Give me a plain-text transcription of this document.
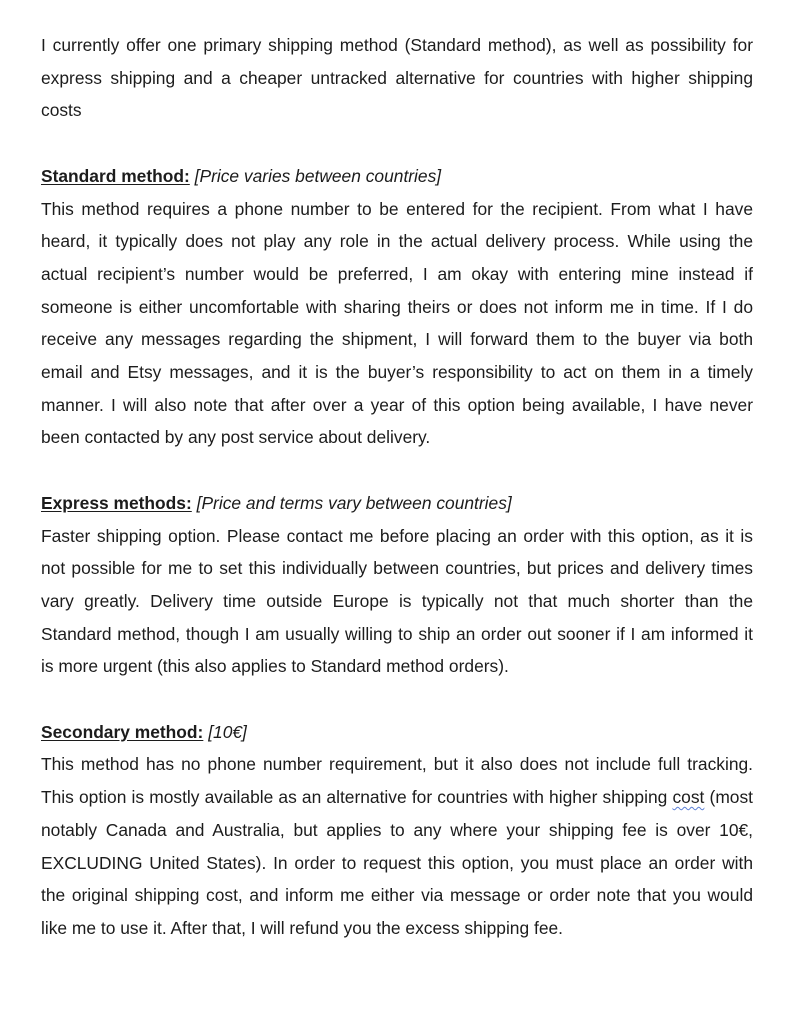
I currently offer one primary shipping method (Standard method), as well as possibility for express shipping and a cheaper untracked alternative for countries with higher shipping costs

Standard method: [Price varies between countries]

This method requires a phone number to be entered for the recipient. From what I have heard, it typically does not play any role in the actual delivery process. While using the actual recipient’s number would be preferred, I am okay with entering mine instead if someone is either uncomfortable with sharing theirs or does not inform me in time. If I do receive any messages regarding the shipment, I will forward them to the buyer via both email and Etsy messages, and it is the buyer’s responsibility to act on them in a timely manner. I will also note that after over a year of this option being available, I have never been contacted by any post service about delivery.

Express methods: [Price and terms vary between countries]

Faster shipping option. Please contact me before placing an order with this option, as it is not possible for me to set this individually between countries, but prices and delivery times vary greatly. Delivery time outside Europe is typically not that much shorter than the Standard method, though I am usually willing to ship an order out sooner if I am informed it is more urgent (this also applies to Standard method orders).

Secondary method: [10€]

This method has no phone number requirement, but it also does not include full tracking. This option is mostly available as an alternative for countries with higher shipping cost (most notably Canada and Australia, but applies to any where your shipping fee is over 10€, EXCLUDING United States). In order to request this option, you must place an order with the original shipping cost, and inform me either via message or order note that you would like me to use it. After that, I will refund you the excess shipping fee.
